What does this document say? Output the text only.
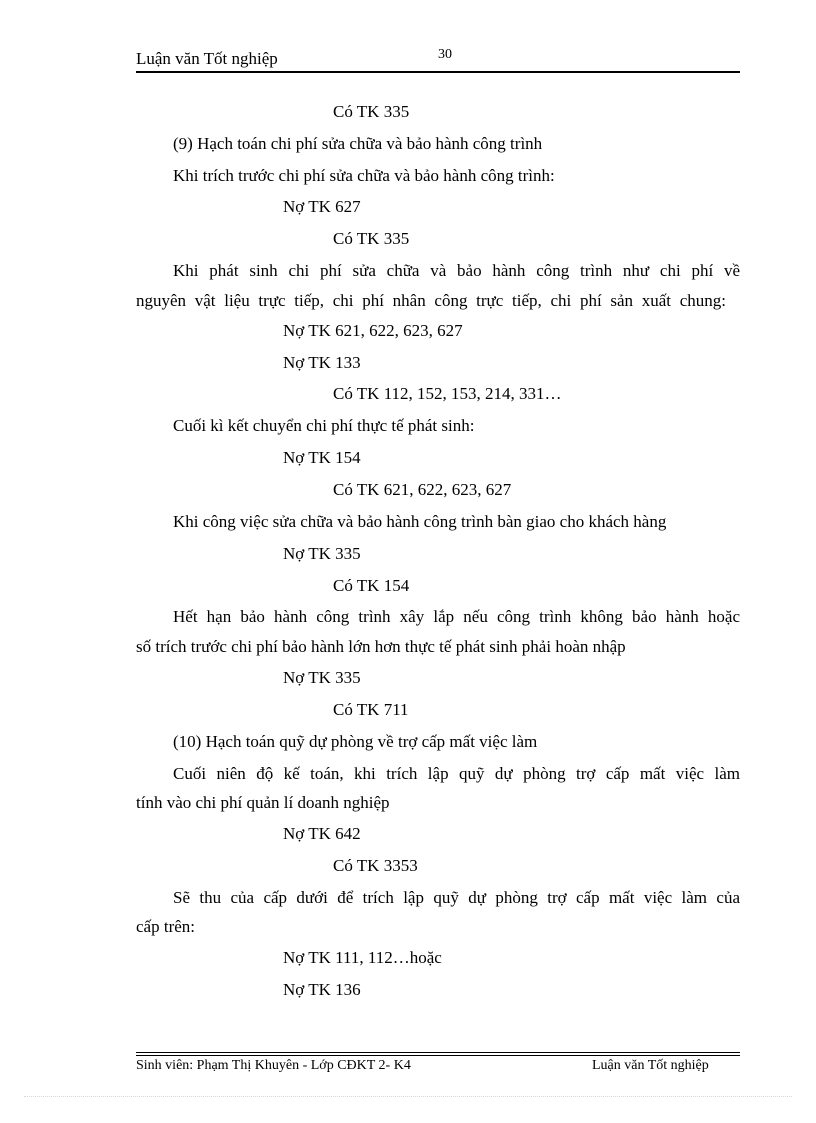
Luận văn Tốt nghiệp	30
Có TK 335
(9) Hạch toán chi phí sửa chữa và bảo hành công trình
Khi trích trước chi phí sửa chữa và bảo hành công trình:
Nợ TK 627
Có TK 335
Khi phát sinh chi phí sửa chữa và bảo hành công trình như chi phí về
nguyên vật liệu trực tiếp, chi phí nhân công trực tiếp, chi phí sản xuất chung:
Nợ TK 621, 622, 623, 627
Nợ TK 133
Có TK 112, 152, 153, 214, 331…
Cuối kì kết chuyển chi phí thực tế phát sinh:
Nợ TK 154
Có TK 621, 622, 623, 627
Khi công việc sửa chữa và bảo hành công trình bàn giao cho khách hàng
Nợ TK 335
Có TK 154
Hết hạn bảo hành công trình xây lắp nếu công trình không bảo hành hoặc
số trích trước chi phí bảo hành lớn hơn thực tế phát sinh phải hoàn nhập
Nợ TK 335
Có TK 711
(10) Hạch toán quỹ dự phòng về trợ cấp mất việc làm
Cuối niên độ kế toán, khi trích lập quỹ dự phòng trợ cấp mất việc làm
tính vào chi phí quản lí doanh nghiệp
Nợ TK 642
Có TK 3353
Sẽ thu của cấp dưới để trích lập quỹ dự phòng trợ cấp mất việc làm của
cấp trên:
Nợ TK 111, 112…hoặc
Nợ TK 136
Sinh viên: Phạm Thị Khuyên - Lớp CĐKT 2- K4	Luận văn Tốt nghiệp
